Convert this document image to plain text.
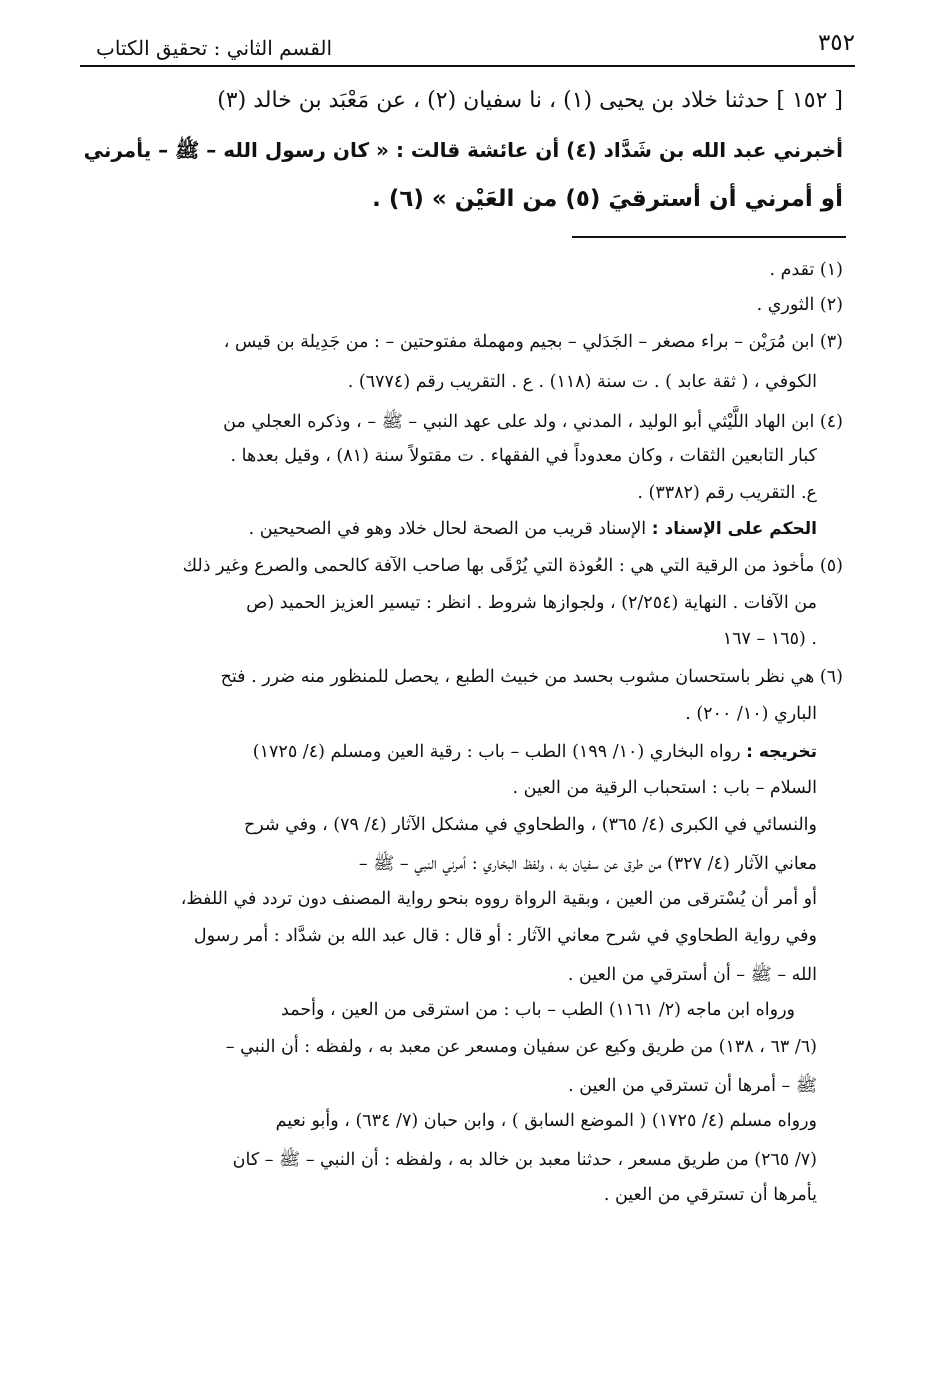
٣٥٢
القسم الثاني : تحقيق الكتاب
[ ١٥٢ ] حدثنا خلاد بن يحيى (١) ، نا سفيان (٢) ، عن مَعْبَد بن خالد (٣)
أخبرني عبد الله بن شَدَّاد (٤) أن عائشة قالت : « كان رسول الله – ﷺ – يأمرني
أو أمرني أن أسترقيَ (٥) من العَيْن » (٦) .
(١) تقدم .
(٢) الثوري .
(٣) ابن مُرَيْن – براء مصغر – الجَدَلي – بجيم ومهملة مفتوحتين – : من جَدِيلة بن قيس ،
الكوفي ، ( ثقة عابد ) . ت سنة (١١٨) . ع . التقريب رقم (٦٧٧٤) .
(٤) ابن الهاد اللَّيْثي أبو الوليد ، المدني ، ولد على عهد النبي – ﷺ – ، وذكره العجلي من
كبار التابعين الثقات ، وكان معدوداً في الفقهاء . ت مقتولاً سنة (٨١) ، وقيل بعدها .
ع. التقريب رقم (٣٣٨٢) .
الحكم على الإسناد : الإسناد قريب من الصحة لحال خلاد وهو في الصحيحين .
(٥) مأخوذ من الرقية التي هي : العُوذة التي يُرْقَى بها صاحب الآفة كالحمى والصرع وغير ذلك
من الآفات . النهاية (٢/٢٥٤) ، ولجوازها شروط . انظر : تيسير العزيز الحميد (ص
١٦٥ – ١٦٧) .
(٦) هي نظر باستحسان مشوب بحسد من خبيث الطبع ، يحصل للمنظور منه ضرر . فتح
الباري (١٠/ ٢٠٠) .
تخريجه : رواه البخاري (١٠/ ١٩٩) الطب – باب : رقية العين ومسلم (٤/ ١٧٢٥)
السلام – باب : استحباب الرقية من العين .
والنسائي في الكبرى (٤/ ٣٦٥) ، والطحاوي في مشكل الآثار (٤/ ٧٩) ، وفي شرح
معاني الآثار (٤/ ٣٢٧) من طرق عن سفيان به ، ولفظ البخاري : أمرني النبي – ﷺ –
أو أمر أن يُسْترقى من العين ، وبقية الرواة رووه بنحو رواية المصنف دون تردد في اللفظ،
وفي رواية الطحاوي في شرح معاني الآثار : أو قال : قال عبد الله بن شدَّاد : أمر رسول
الله – ﷺ – أن أسترقي من العين .
ورواه ابن ماجه (٢/ ١١٦١) الطب – باب : من استرقى من العين ، وأحمد
(٦/ ٦٣ ، ١٣٨) من طريق وكيع عن سفيان ومسعر عن معبد به ، ولفظه : أن النبي –
ﷺ – أمرها أن تسترقي من العين .
ورواه مسلم (٤/ ١٧٢٥) ( الموضع السابق ) ، وابن حبان (٧/ ٦٣٤) ، وأبو نعيم
(٧/ ٢٦٥) من طريق مسعر ، حدثنا معبد بن خالد به ، ولفظه : أن النبي – ﷺ – كان
يأمرها أن تسترقي من العين .
